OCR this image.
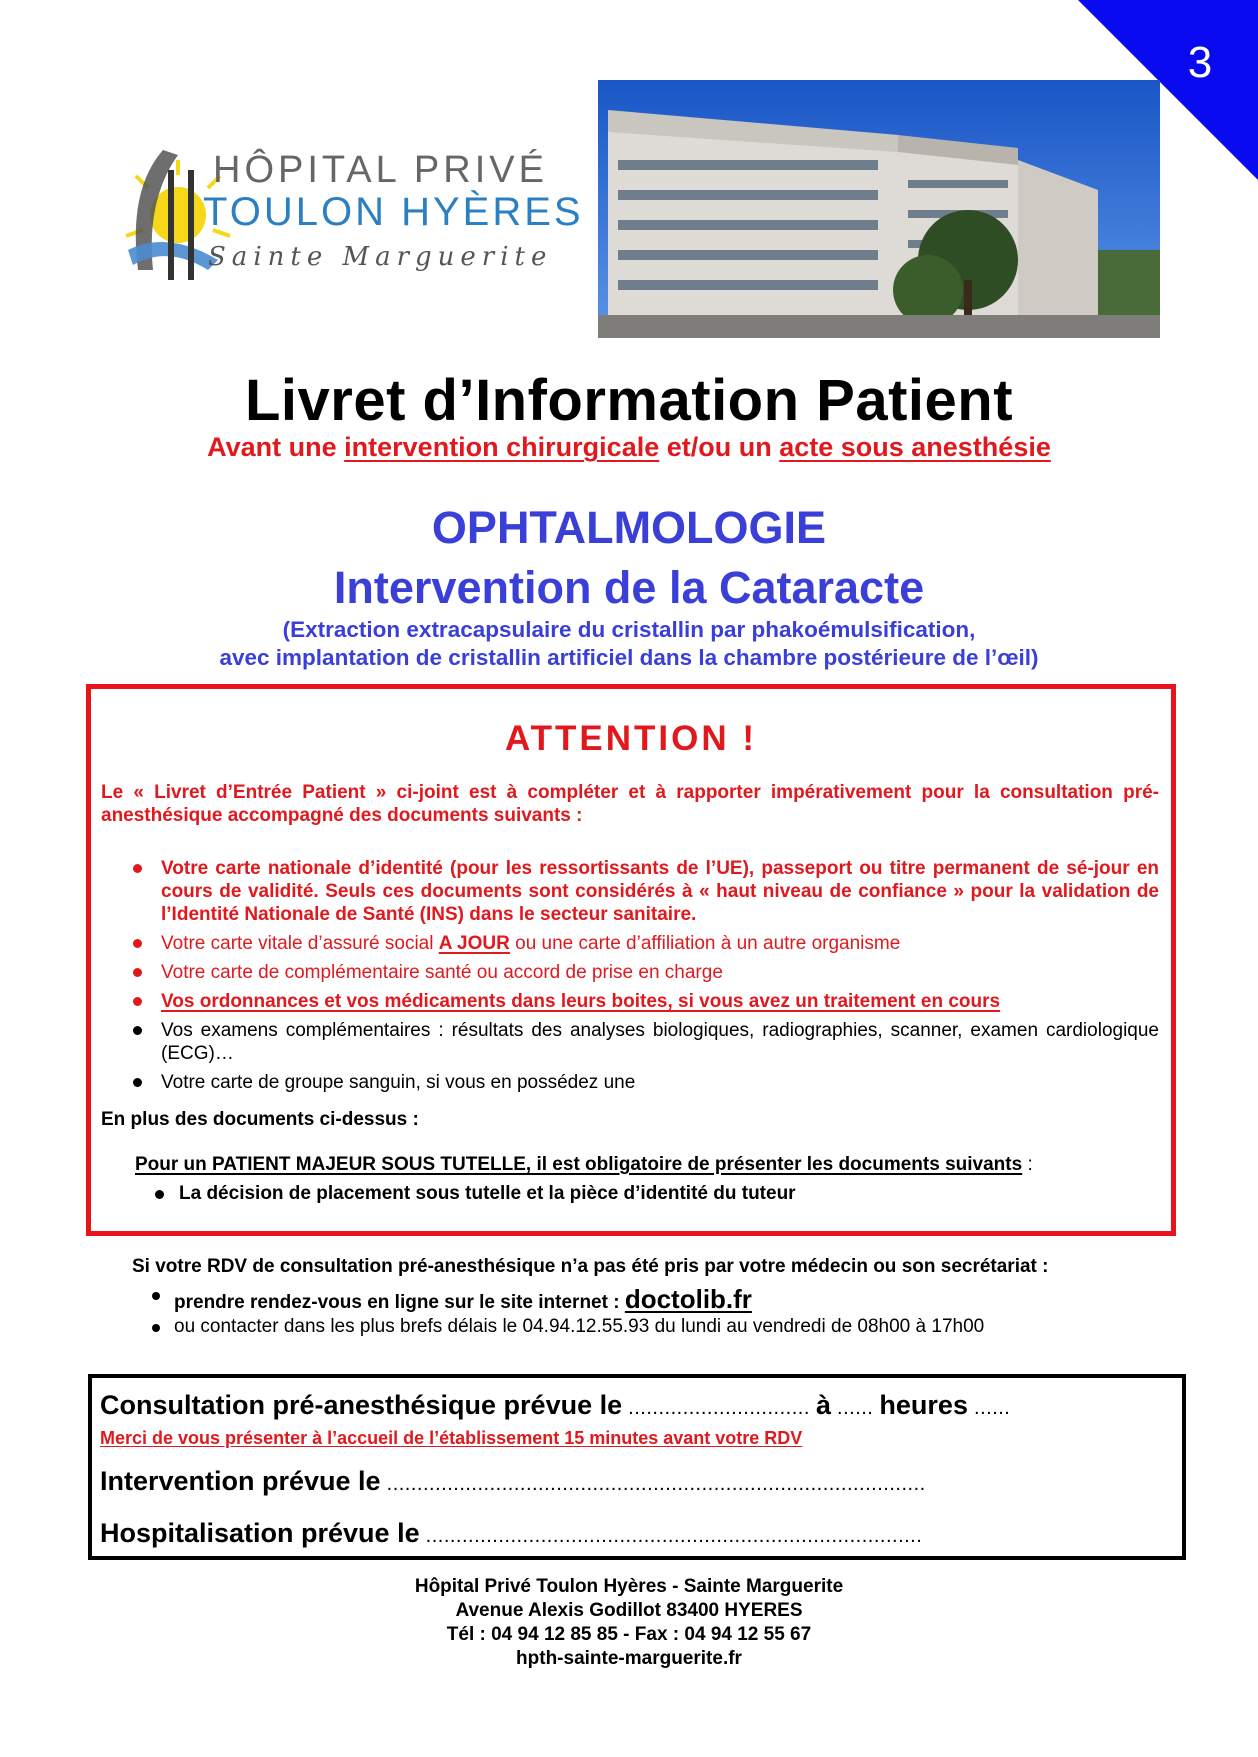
3
HÔPITAL PRIVÉ
TOULON HYÈRES
Sainte Marguerite
Livret d’Information Patient
Avant une intervention chirurgicale et/ou un acte sous anesthésie
OPHTALMOLOGIE
Intervention de la Cataracte
(Extraction extracapsulaire du cristallin par phakoémulsification,
avec implantation de cristallin artificiel dans la chambre postérieure de l’œil)
ATTENTION !
Le « Livret d’Entrée Patient » ci-joint est à compléter et à rapporter impérativement pour la consultation pré-anesthésique accompagné des documents suivants :
Votre carte nationale d’identité (pour les ressortissants de l’UE), passeport ou titre permanent de sé-jour en cours de validité. Seuls ces documents sont considérés à « haut niveau de confiance » pour la validation de l’Identité Nationale de Santé (INS) dans le secteur sanitaire.
Votre carte vitale d’assuré social A JOUR ou une carte d’affiliation à un autre organisme
Votre carte de complémentaire santé ou accord de prise en charge
Vos ordonnances et vos médicaments dans leurs boites, si vous avez un traitement en cours
Vos examens complémentaires : résultats des analyses biologiques, radiographies, scanner, examen cardiologique (ECG)…
Votre carte de groupe sanguin, si vous en possédez une
En plus des documents ci-dessus :
Pour un PATIENT MAJEUR SOUS TUTELLE, il est obligatoire de présenter les documents suivants :
La décision de placement sous tutelle et la pièce d’identité du tuteur
Si votre RDV de consultation pré-anesthésique n’a pas été pris par votre médecin ou son secrétariat :
prendre rendez-vous en ligne sur le site internet : doctolib.fr
ou contacter dans les plus brefs délais le 04.94.12.55.93 du lundi au vendredi de 08h00 à 17h00
Consultation pré-anesthésique prévue le .............................. à ...... heures ......
Merci de vous présenter à l’accueil de l’établissement 15 minutes avant votre RDV
Intervention prévue le .........................................................................................
Hospitalisation prévue le ..................................................................................
Hôpital Privé Toulon Hyères - Sainte Marguerite
Avenue Alexis Godillot 83400 HYERES
Tél : 04 94 12 85 85 - Fax : 04 94 12 55 67
hpth-sainte-marguerite.fr
